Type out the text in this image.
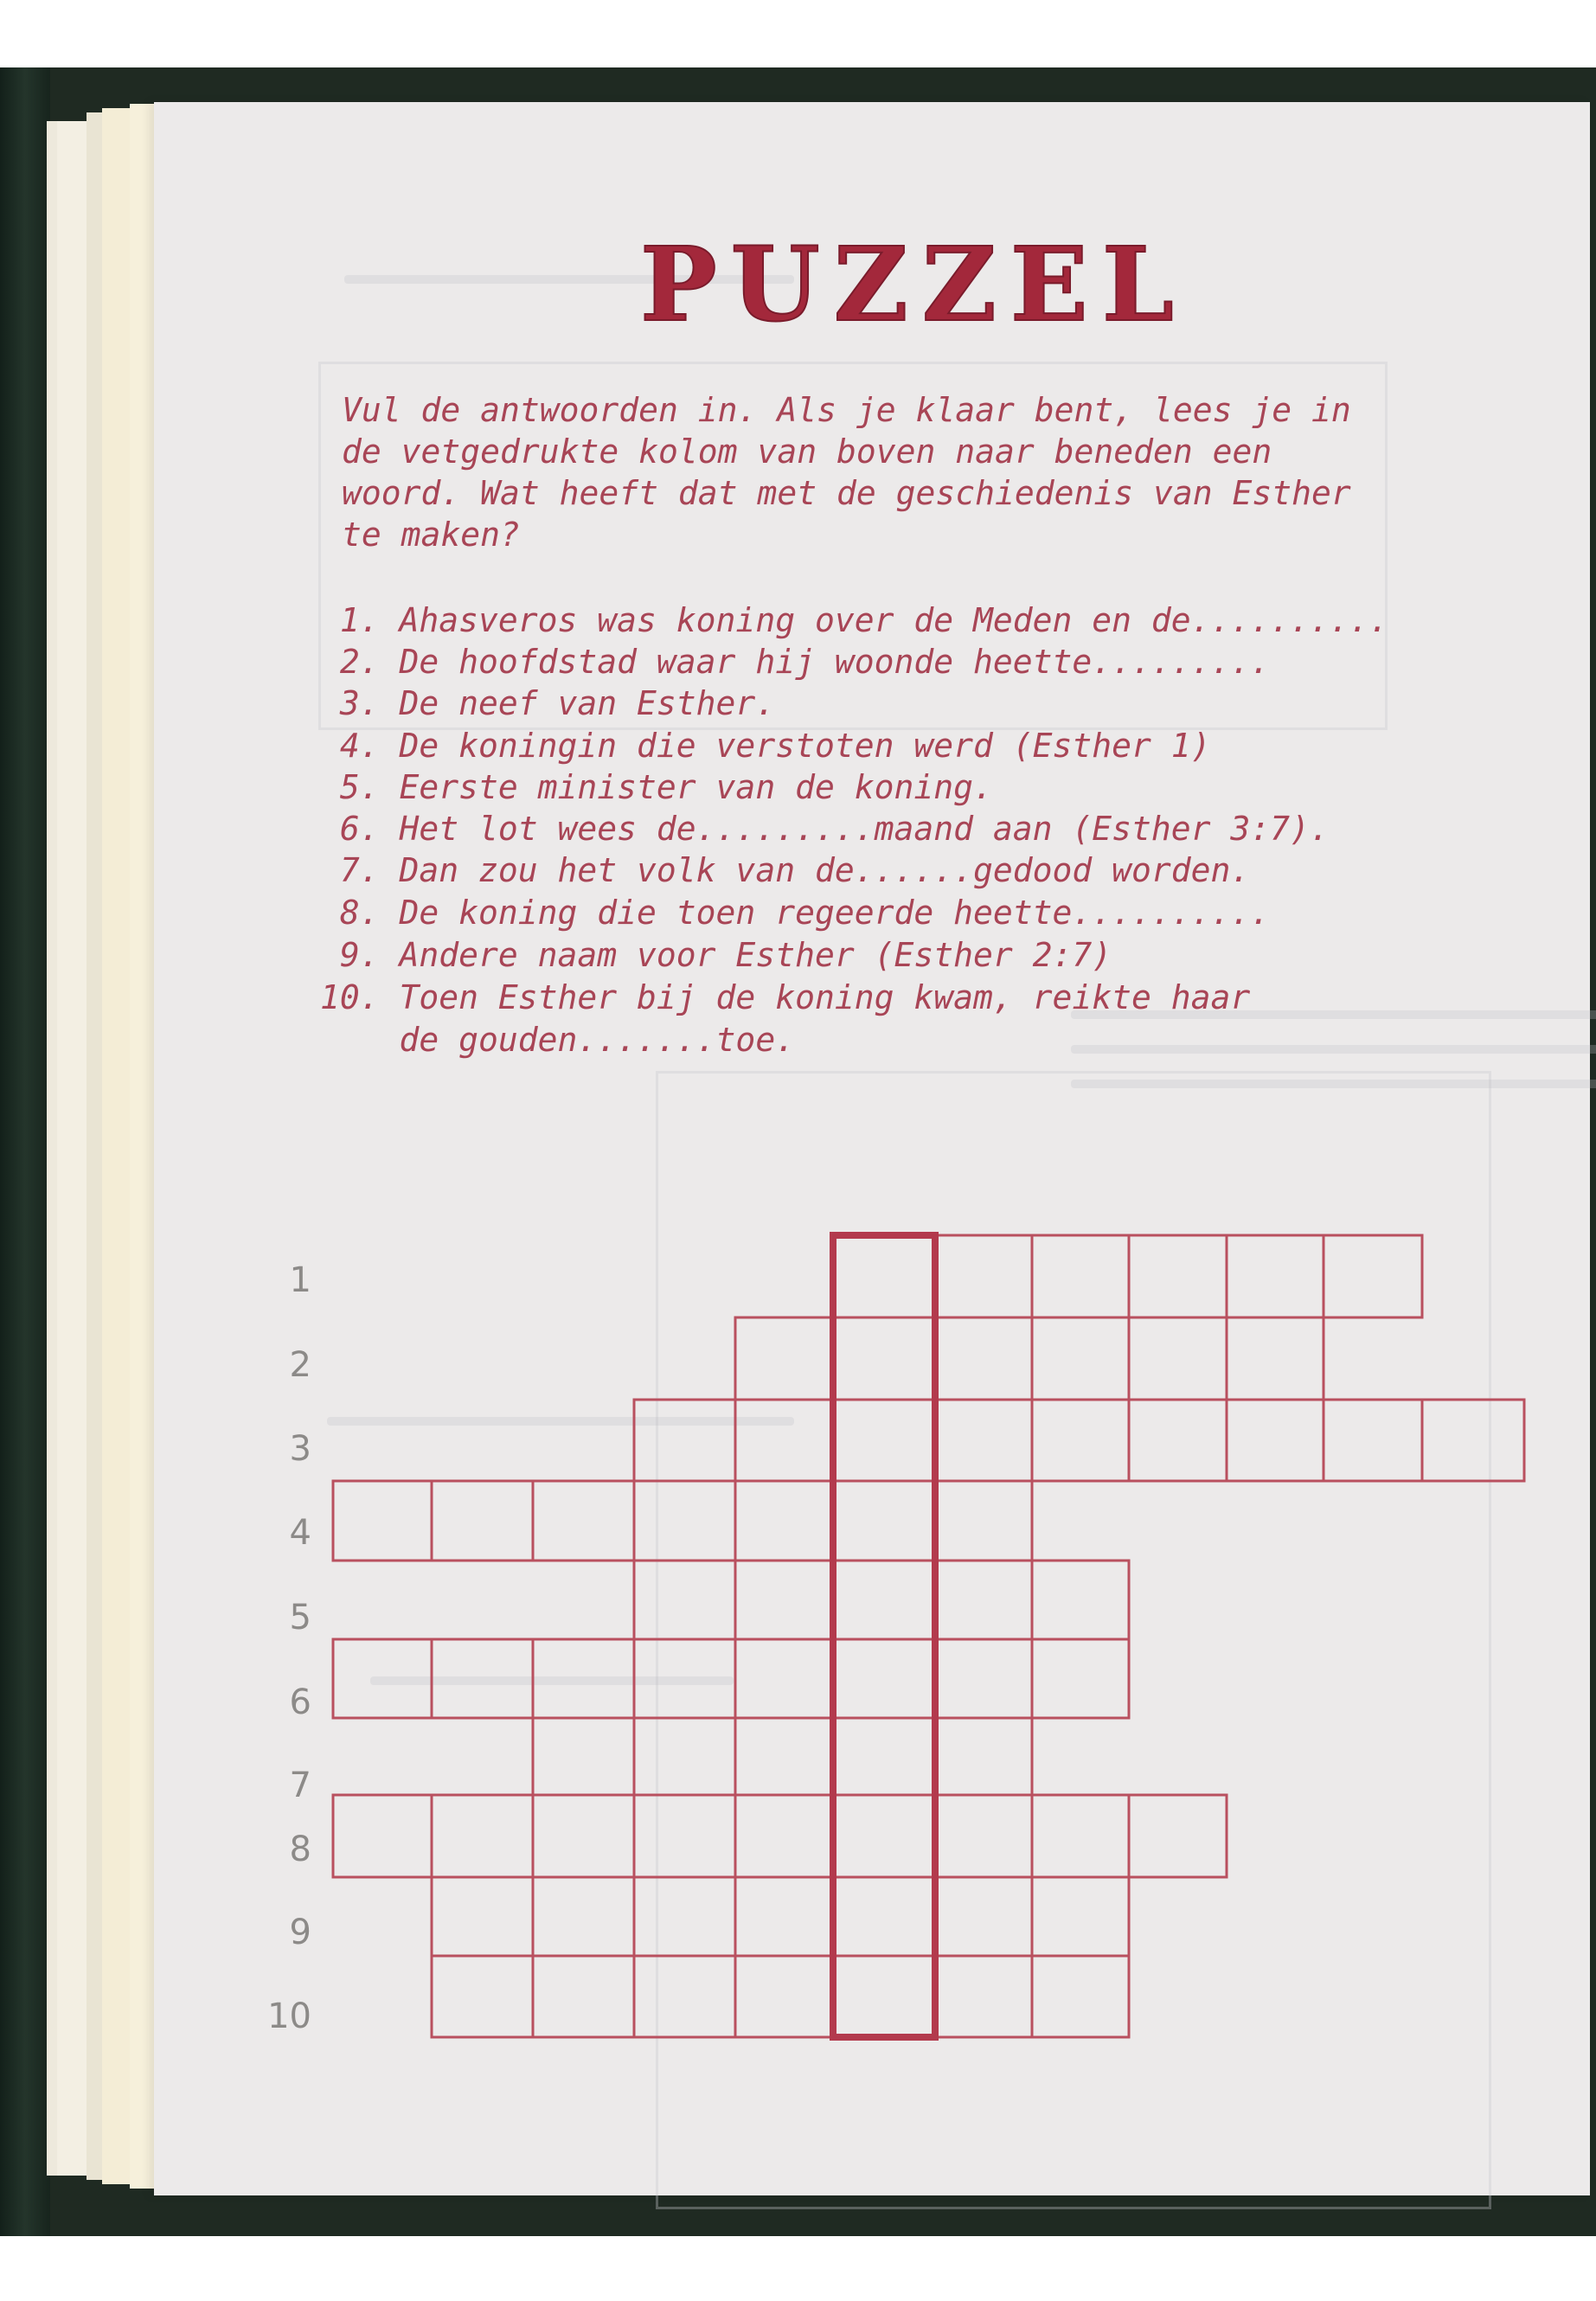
PUZZEL
Vul de antwoorden in. Als je klaar bent, lees je in
de vetgedrukte kolom van boven naar beneden een
woord. Wat heeft dat met de geschiedenis van Esther
te maken?
1. Ahasveros was koning over de Meden en de..........
2. De hoofdstad waar hij woonde heette.........
3. De neef van Esther.
4. De koningin die verstoten werd (Esther 1)
5. Eerste minister van de koning.
6. Het lot wees de.........maand aan (Esther 3:7).
7. Dan zou het volk van de......gedood worden.
8. De koning die toen regeerde heette..........
9. Andere naam voor Esther (Esther 2:7)
10. Toen Esther bij de koning kwam, reikte haar
de gouden.......toe.
1
2
3
4
5
6
7
8
9
10
